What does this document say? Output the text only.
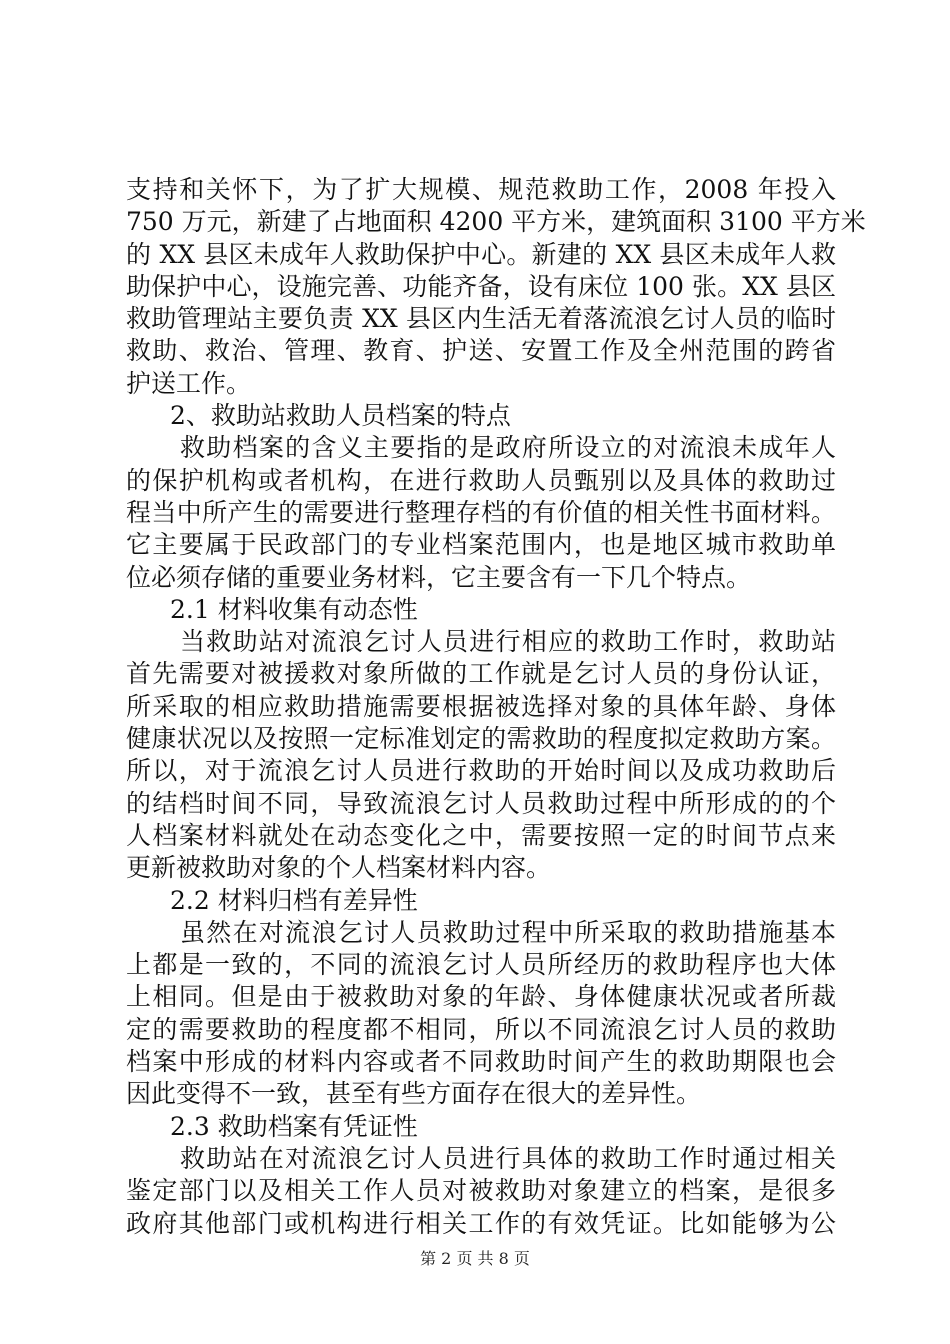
支持和关怀下，为了扩大规模、规范救助工作，2008 年投入
750 万元，新建了占地面积 4200 平方米，建筑面积 3100 平方米
的 XX 县区未成年人救助保护中心。新建的 XX 县区未成年人救
助保护中心，设施完善、功能齐备，设有床位 100 张。XX 县区
救助管理站主要负责 XX 县区内生活无着落流浪乞讨人员的临时
救助、救治、管理、教育、护送、安置工作及全州范围的跨省
护送工作。
2、救助站救助人员档案的特点
救助档案的含义主要指的是政府所设立的对流浪未成年人
的保护机构或者机构，在进行救助人员甄别以及具体的救助过
程当中所产生的需要进行整理存档的有价值的相关性书面材料。
它主要属于民政部门的专业档案范围内，也是地区城市救助单
位必须存储的重要业务材料，它主要含有一下几个特点。
2.1 材料收集有动态性
当救助站对流浪乞讨人员进行相应的救助工作时，救助站
首先需要对被援救对象所做的工作就是乞讨人员的身份认证，
所采取的相应救助措施需要根据被选择对象的具体年龄、身体
健康状况以及按照一定标准划定的需救助的程度拟定救助方案。
所以，对于流浪乞讨人员进行救助的开始时间以及成功救助后
的结档时间不同，导致流浪乞讨人员救助过程中所形成的的个
人档案材料就处在动态变化之中，需要按照一定的时间节点来
更新被救助对象的个人档案材料内容。
2.2 材料归档有差异性
虽然在对流浪乞讨人员救助过程中所采取的救助措施基本
上都是一致的，不同的流浪乞讨人员所经历的救助程序也大体
上相同。但是由于被救助对象的年龄、身体健康状况或者所裁
定的需要救助的程度都不相同，所以不同流浪乞讨人员的救助
档案中形成的材料内容或者不同救助时间产生的救助期限也会
因此变得不一致，甚至有些方面存在很大的差异性。
2.3 救助档案有凭证性
救助站在对流浪乞讨人员进行具体的救助工作时通过相关
鉴定部门以及相关工作人员对被救助对象建立的档案，是很多
政府其他部门或机构进行相关工作的有效凭证。比如能够为公
第 2 页 共 8 页
